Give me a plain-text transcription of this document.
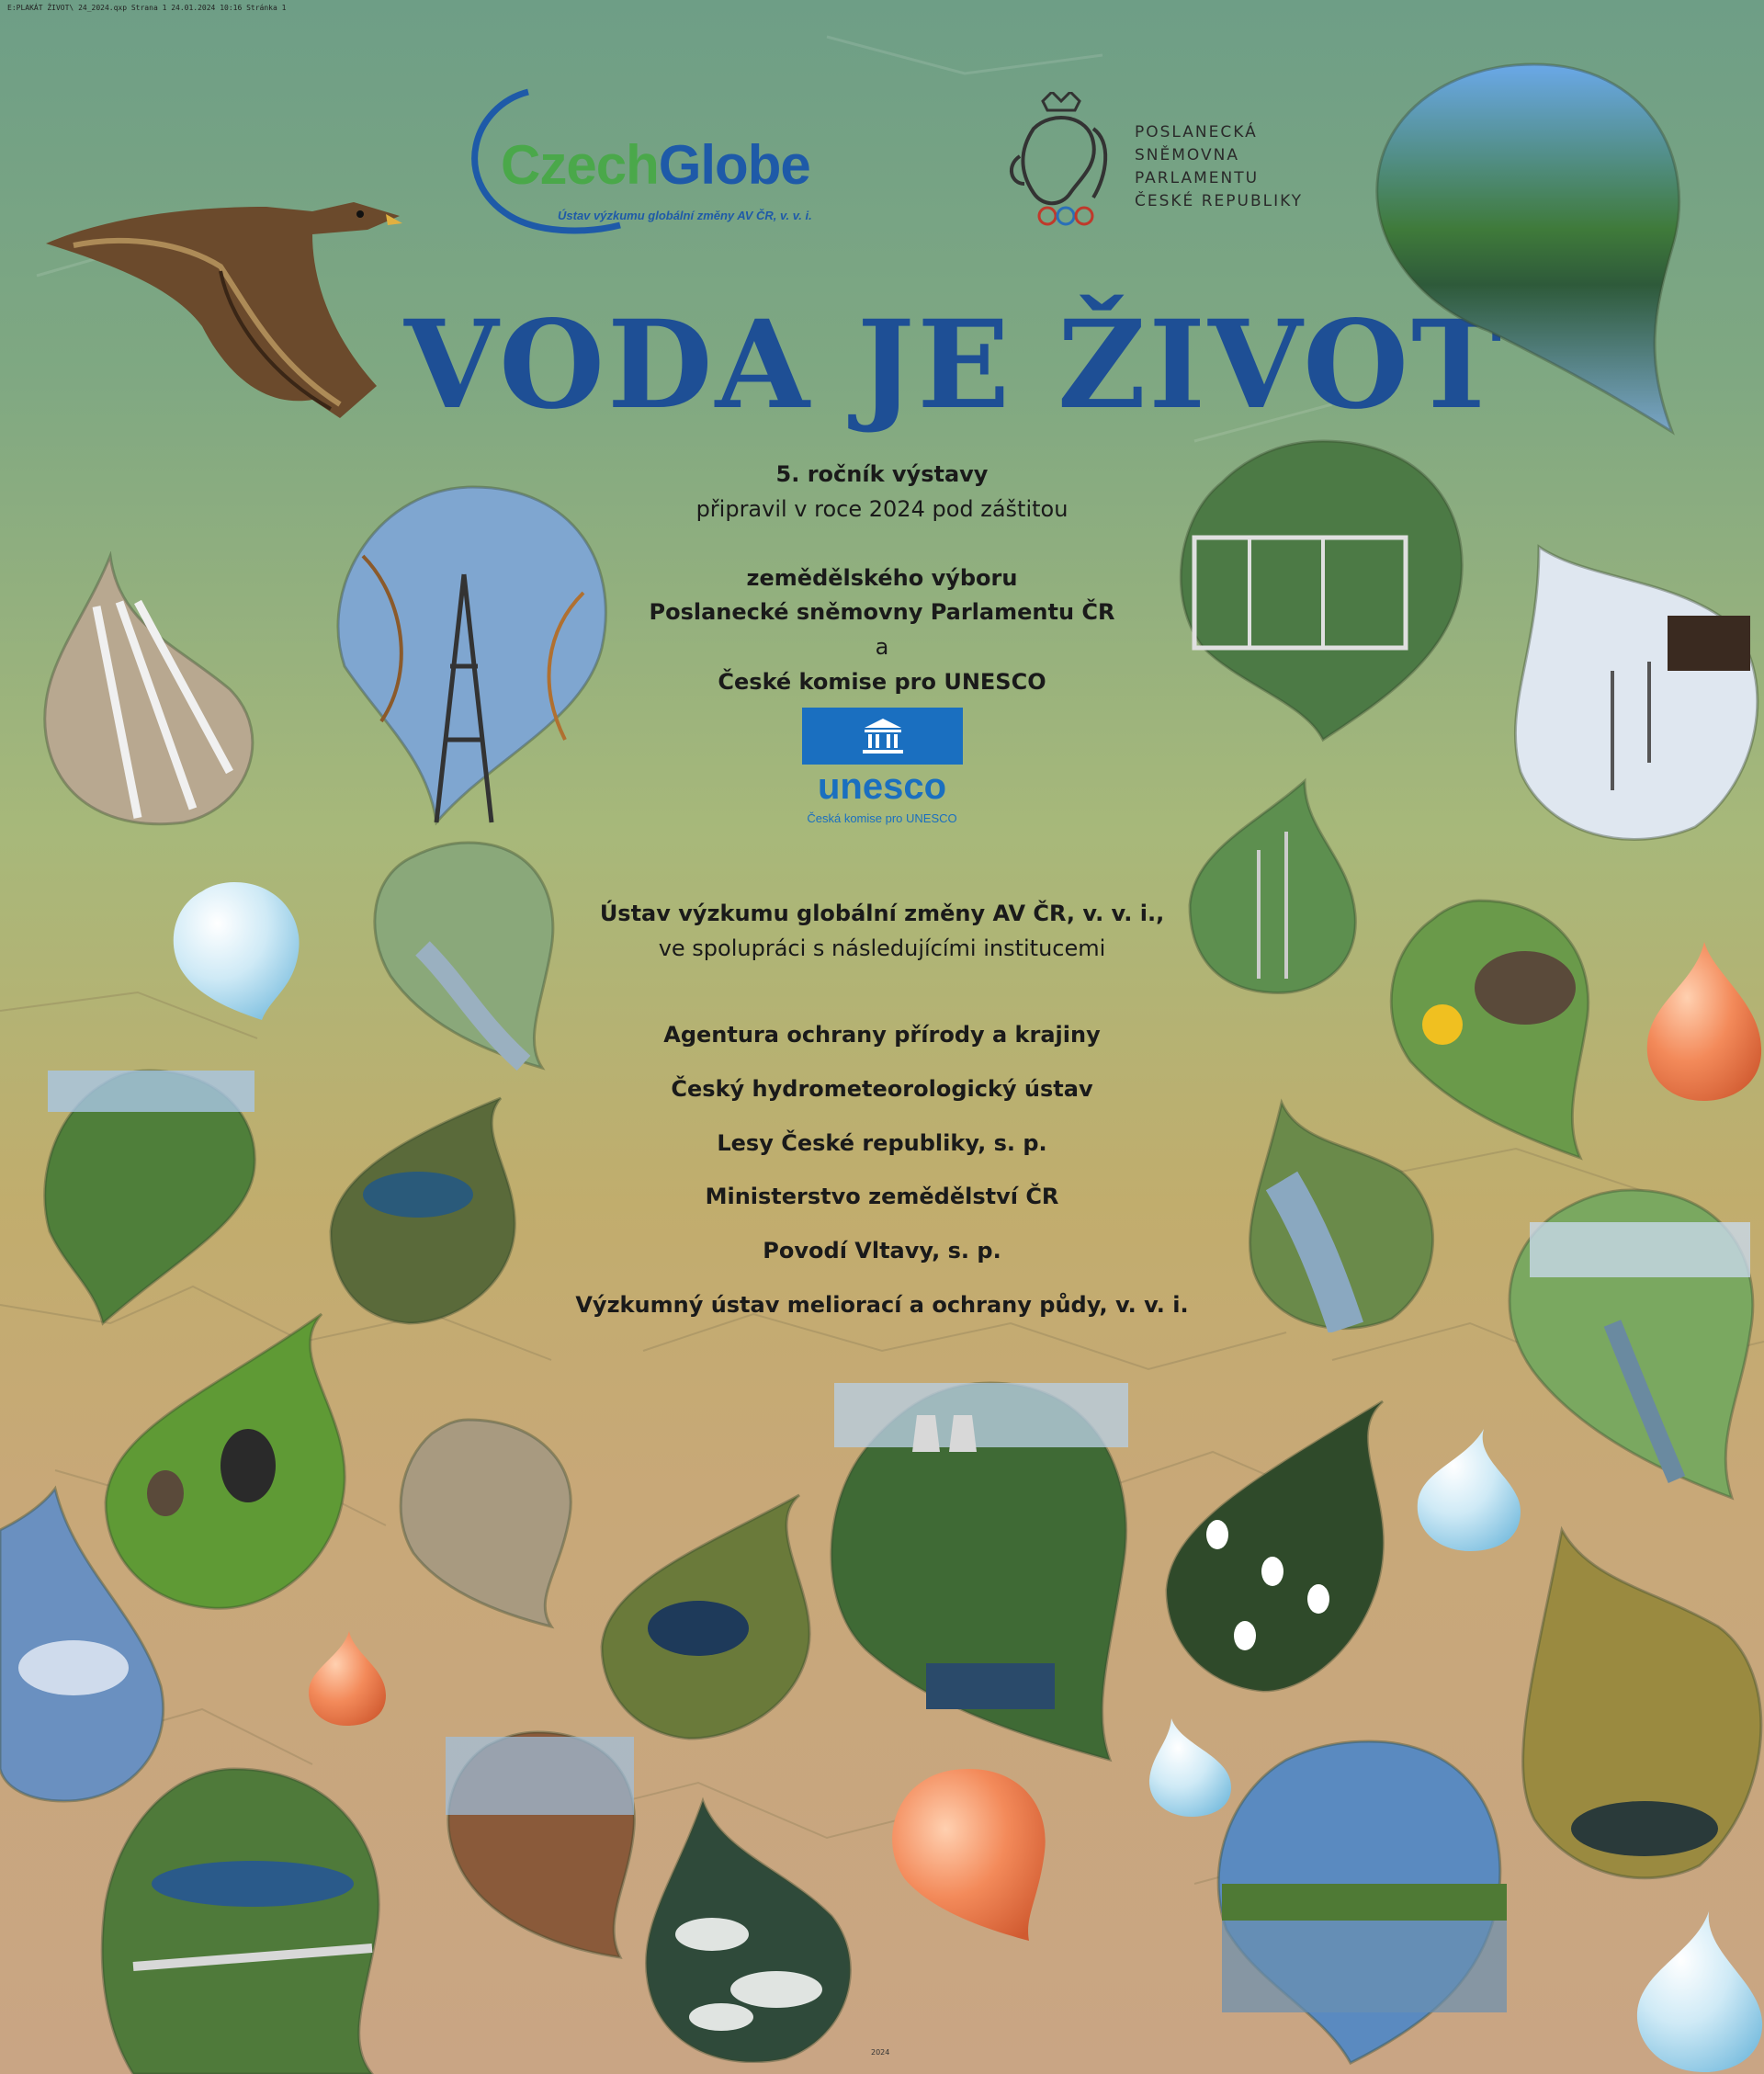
E:PLAKÁT ŽIVOT\ 24_2024.qxp Strana 1 24.01.2024 10:16 Stránka 1
CzechGlobe
Ústav výzkumu globální změny AV ČR, v. v. i.
POSLANECKÁ
SNĚMOVNA
PARLAMENTU
ČESKÉ REPUBLIKY
VODA JE ŽIVOT
5. ročník výstavy
připravil v roce 2024 pod záštitou
zemědělského výboru
Poslanecké sněmovny Parlamentu ČR
a
České komise pro UNESCO
unesco
Česká komise pro UNESCO
Ústav výzkumu globální změny AV ČR, v. v. i.,
ve spolupráci s následujícími institucemi
Agentura ochrany přírody a krajiny
Český hydrometeorologický ústav
Lesy České republiky, s. p.
Ministerstvo zemědělství ČR
Povodí Vltavy, s. p.
Výzkumný ústav meliorací a ochrany půdy, v. v. i.
2024
